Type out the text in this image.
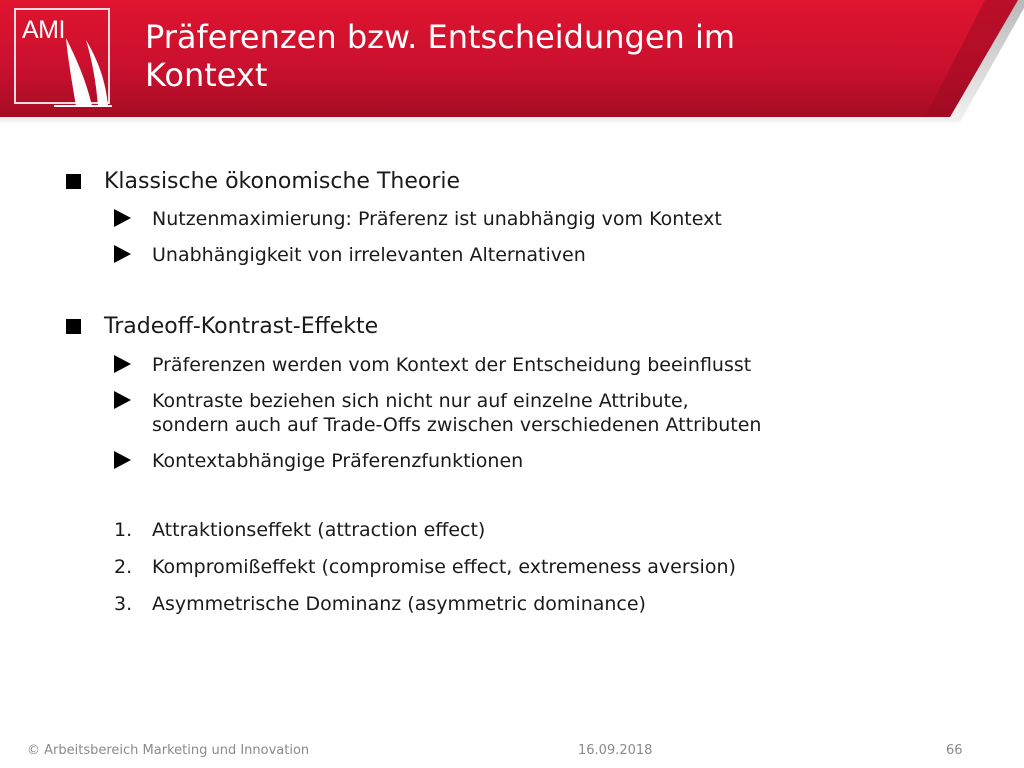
AMI	Präferenzen bzw. Entscheidungen im
Kontext
Klassische ökonomische Theorie
Nutzenmaximierung: Präferenz ist unabhängig vom Kontext
Unabhängigkeit von irrelevanten Alternativen
Tradeoff-Kontrast-Effekte
Präferenzen werden vom Kontext der Entscheidung beeinflusst
Kontraste beziehen sich nicht nur auf einzelne Attribute,
sondern auch auf Trade-Offs zwischen verschiedenen Attributen
Kontextabhängige Präferenzfunktionen
1. Attraktionseffekt (attraction effect)
2. Kompromißeffekt (compromise effect, extremeness aversion)
3. Asymmetrische Dominanz (asymmetric dominance)
© Arbeitsbereich Marketing und Innovation	16.09.2018	66
